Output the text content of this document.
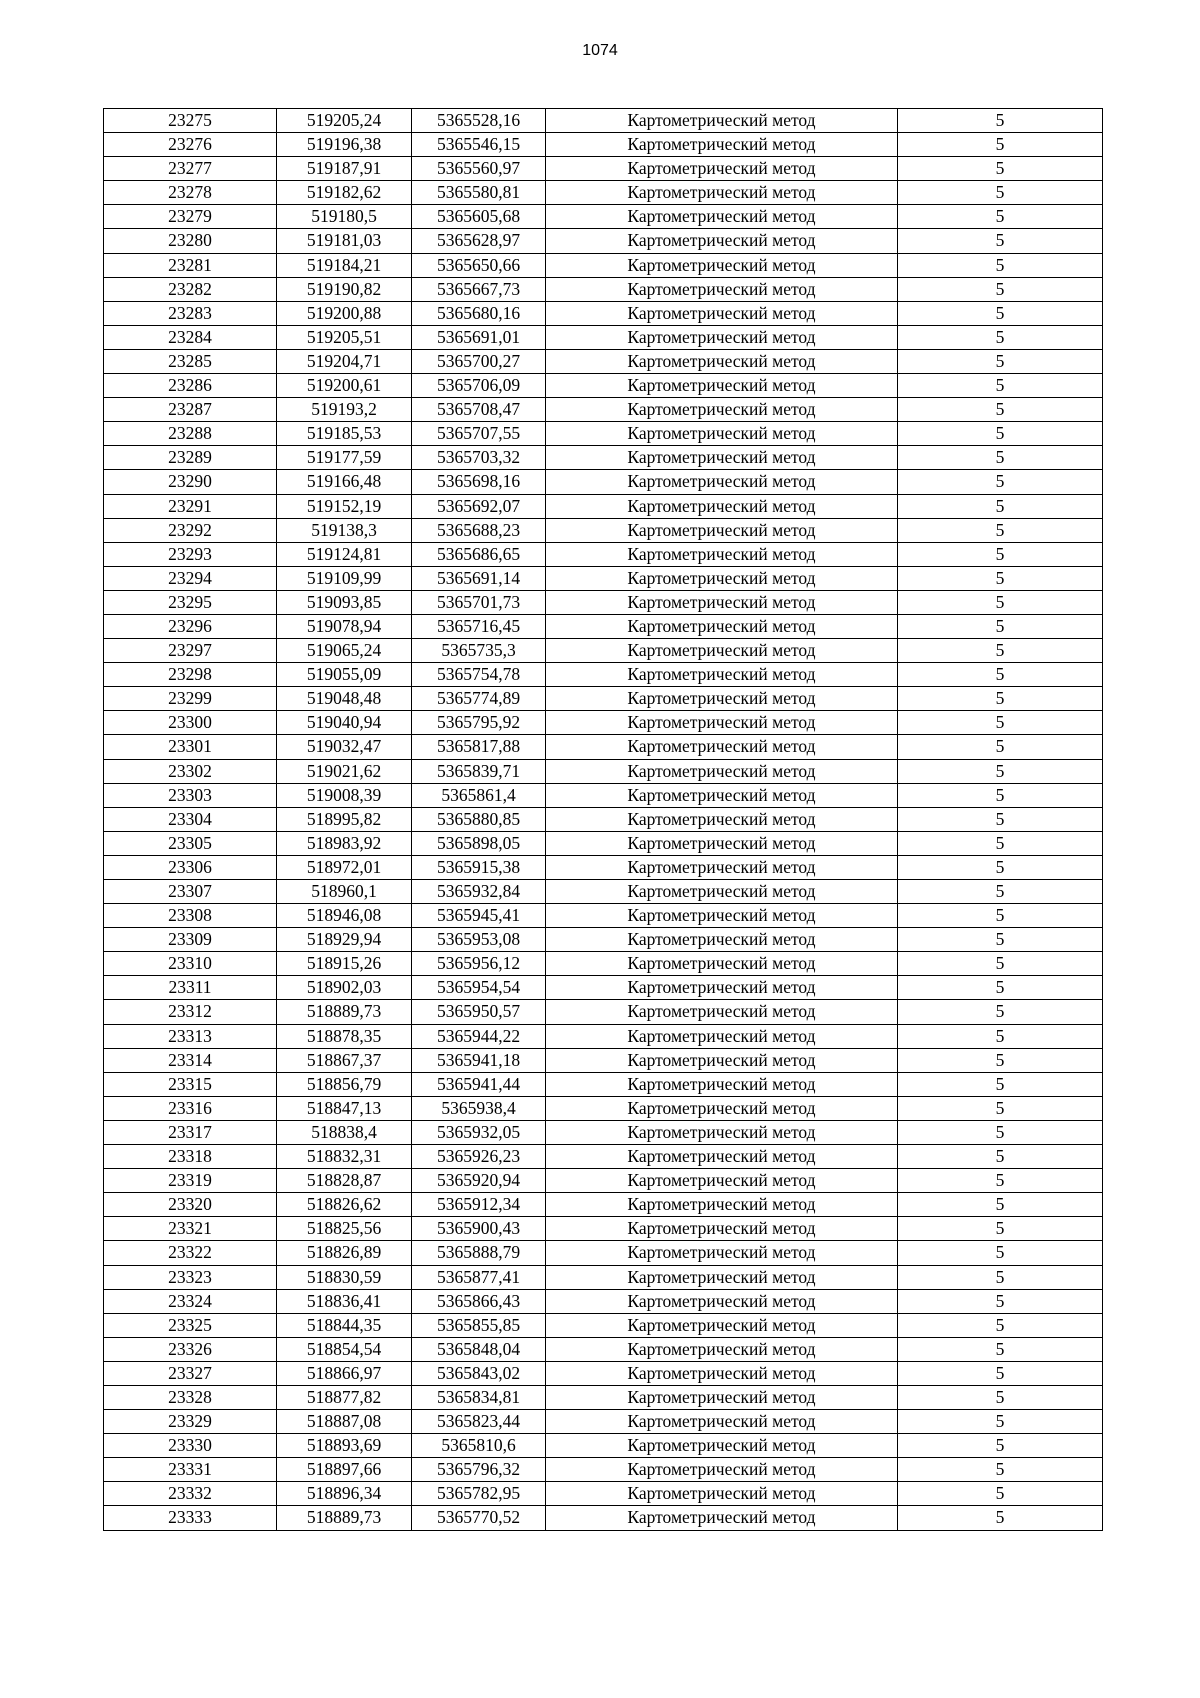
1074
23275	519205,24	5365528,16	Картометрический метод	5
23276	519196,38	5365546,15	Картометрический метод	5
23277	519187,91	5365560,97	Картометрический метод	5
23278	519182,62	5365580,81	Картометрический метод	5
23279	519180,5	5365605,68	Картометрический метод	5
23280	519181,03	5365628,97	Картометрический метод	5
23281	519184,21	5365650,66	Картометрический метод	5
23282	519190,82	5365667,73	Картометрический метод	5
23283	519200,88	5365680,16	Картометрический метод	5
23284	519205,51	5365691,01	Картометрический метод	5
23285	519204,71	5365700,27	Картометрический метод	5
23286	519200,61	5365706,09	Картометрический метод	5
23287	519193,2	5365708,47	Картометрический метод	5
23288	519185,53	5365707,55	Картометрический метод	5
23289	519177,59	5365703,32	Картометрический метод	5
23290	519166,48	5365698,16	Картометрический метод	5
23291	519152,19	5365692,07	Картометрический метод	5
23292	519138,3	5365688,23	Картометрический метод	5
23293	519124,81	5365686,65	Картометрический метод	5
23294	519109,99	5365691,14	Картометрический метод	5
23295	519093,85	5365701,73	Картометрический метод	5
23296	519078,94	5365716,45	Картометрический метод	5
23297	519065,24	5365735,3	Картометрический метод	5
23298	519055,09	5365754,78	Картометрический метод	5
23299	519048,48	5365774,89	Картометрический метод	5
23300	519040,94	5365795,92	Картометрический метод	5
23301	519032,47	5365817,88	Картометрический метод	5
23302	519021,62	5365839,71	Картометрический метод	5
23303	519008,39	5365861,4	Картометрический метод	5
23304	518995,82	5365880,85	Картометрический метод	5
23305	518983,92	5365898,05	Картометрический метод	5
23306	518972,01	5365915,38	Картометрический метод	5
23307	518960,1	5365932,84	Картометрический метод	5
23308	518946,08	5365945,41	Картометрический метод	5
23309	518929,94	5365953,08	Картометрический метод	5
23310	518915,26	5365956,12	Картометрический метод	5
23311	518902,03	5365954,54	Картометрический метод	5
23312	518889,73	5365950,57	Картометрический метод	5
23313	518878,35	5365944,22	Картометрический метод	5
23314	518867,37	5365941,18	Картометрический метод	5
23315	518856,79	5365941,44	Картометрический метод	5
23316	518847,13	5365938,4	Картометрический метод	5
23317	518838,4	5365932,05	Картометрический метод	5
23318	518832,31	5365926,23	Картометрический метод	5
23319	518828,87	5365920,94	Картометрический метод	5
23320	518826,62	5365912,34	Картометрический метод	5
23321	518825,56	5365900,43	Картометрический метод	5
23322	518826,89	5365888,79	Картометрический метод	5
23323	518830,59	5365877,41	Картометрический метод	5
23324	518836,41	5365866,43	Картометрический метод	5
23325	518844,35	5365855,85	Картометрический метод	5
23326	518854,54	5365848,04	Картометрический метод	5
23327	518866,97	5365843,02	Картометрический метод	5
23328	518877,82	5365834,81	Картометрический метод	5
23329	518887,08	5365823,44	Картометрический метод	5
23330	518893,69	5365810,6	Картометрический метод	5
23331	518897,66	5365796,32	Картометрический метод	5
23332	518896,34	5365782,95	Картометрический метод	5
23333	518889,73	5365770,52	Картометрический метод	5
